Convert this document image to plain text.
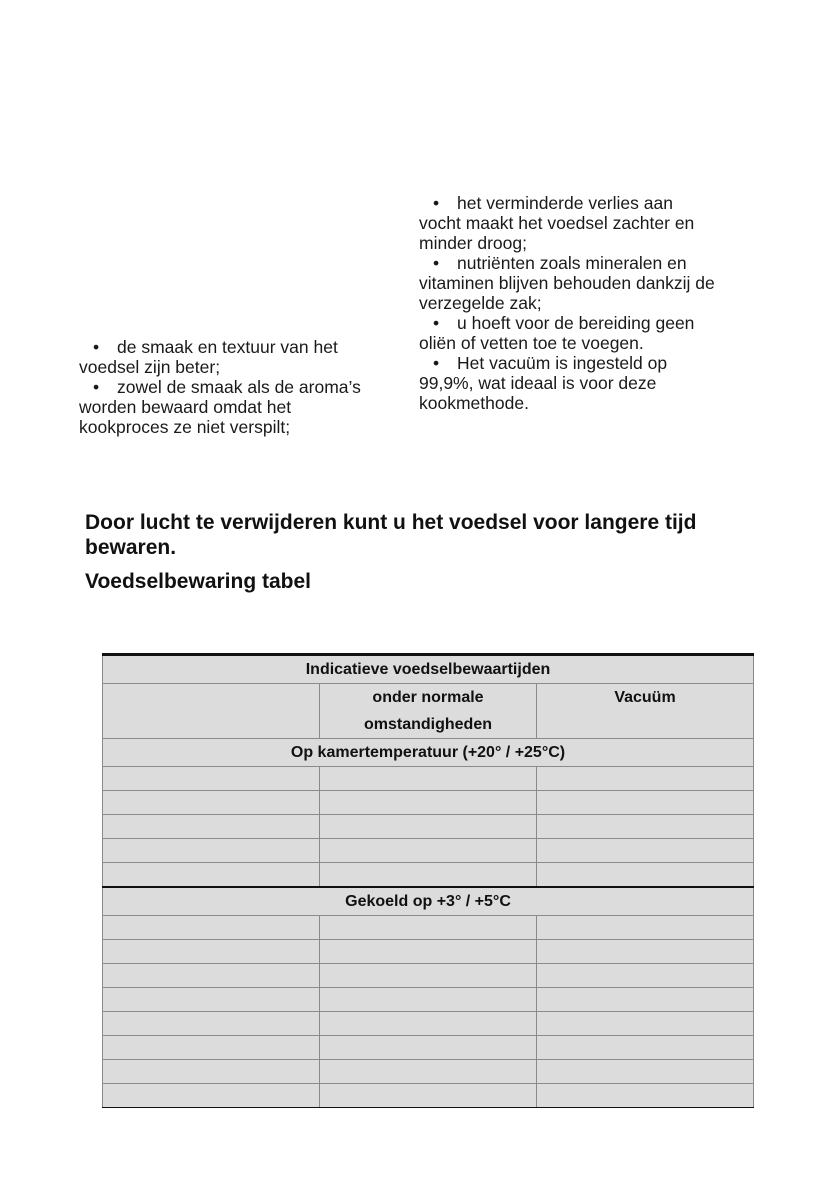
• de smaak en textuur van het voedsel zijn beter;

• zowel de smaak als de aroma’s worden bewaard omdat het kookproces ze niet verspilt;

• het verminderde verlies aan vocht maakt het voedsel zachter en minder droog;

• nutriënten zoals mineralen en vitaminen blijven behouden dankzij de verzegelde zak;

• u hoeft voor de bereiding geen oliën of vetten toe te voegen.

• Het vacuüm is ingesteld op 99,9%, wat ideaal is voor deze kookmethode.

Door lucht te verwijderen kunt u het voedsel voor langere tijd bewaren.
Voedselbewaring tabel
Indicatieve voedselbewaartijden		
	onder normale omstandigheden	Vacuüm
Op kamertemperatuur (+20° / +25°C)		

Gekoeld op +3° / +5°C		
